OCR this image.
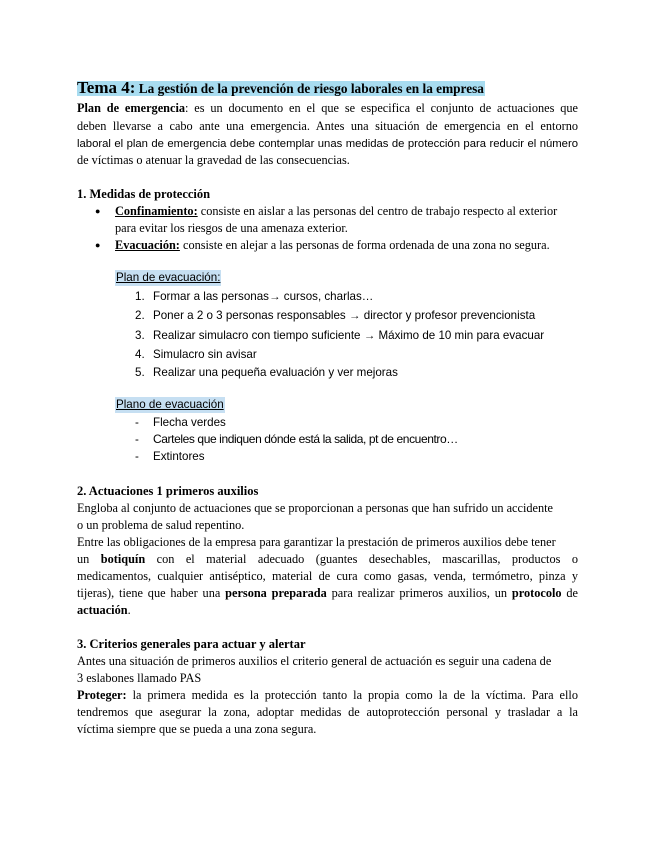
Tema 4: La gestión de la prevención de riesgo laborales en la empresa
Plan de emergencia: es un documento en el que se especifica el conjunto de actuaciones que
deben llevarse a cabo ante una emergencia. Antes una situación de emergencia en el entorno
laboral el plan de emergencia debe contemplar unas medidas de protección para reducir el número
de víctimas o atenuar la gravedad de las consecuencias.
1. Medidas de protección
● Confinamiento: consiste en aislar a las personas del centro de trabajo respecto al exterior
para evitar los riesgos de una amenaza exterior.
● Evacuación: consiste en alejar a las personas de forma ordenada de una zona no segura.
Plan de evacuación:
1. Formar a las personas→ cursos, charlas…
2. Poner a 2 o 3 personas responsables → director y profesor prevencionista
3. Realizar simulacro con tiempo suficiente → Máximo de 10 min para evacuar
4. Simulacro sin avisar
5. Realizar una pequeña evaluación y ver mejoras
Plano de evacuación
- Flecha verdes
- Carteles que indiquen dónde está la salida, pt de encuentro…
- Extintores
2. Actuaciones 1 primeros auxilios
Engloba al conjunto de actuaciones que se proporcionan a personas que han sufrido un accidente
o un problema de salud repentino.
Entre las obligaciones de la empresa para garantizar la prestación de primeros auxilios debe tener
un botiquín con el material adecuado (guantes desechables, mascarillas, productos o
medicamentos, cualquier antiséptico, material de cura como gasas, venda, termómetro, pinza y
tijeras), tiene que haber una persona preparada para realizar primeros auxilios, un protocolo de
actuación.
3. Criterios generales para actuar y alertar
Antes una situación de primeros auxilios el criterio general de actuación es seguir una cadena de
3 eslabones llamado PAS
Proteger: la primera medida es la protección tanto la propia como la de la víctima. Para ello
tendremos que asegurar la zona, adoptar medidas de autoprotección personal y trasladar a la
víctima siempre que se pueda a una zona segura.
